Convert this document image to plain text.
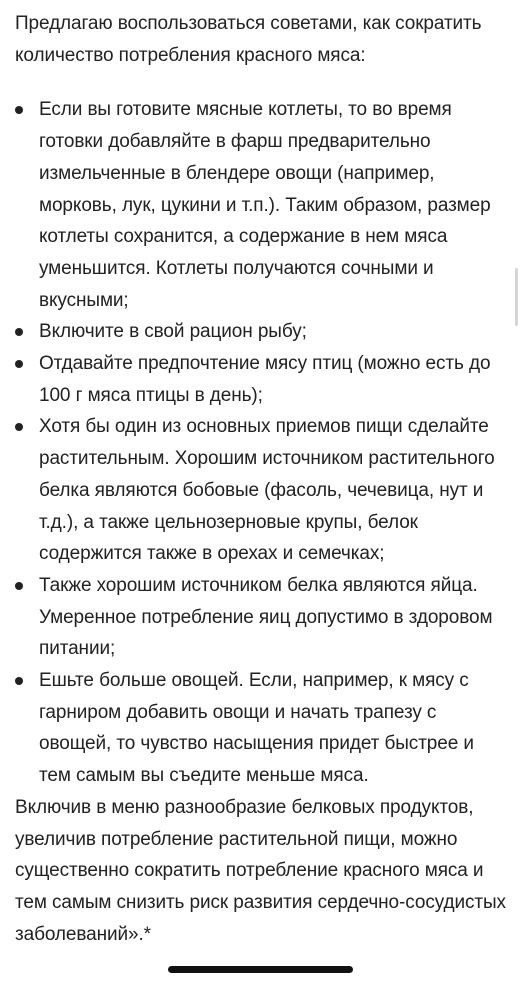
Предлагаю воспользоваться советами, как сократить количество потребления красного мяса:

Если вы готовите мясные котлеты, то во время готовки добавляйте в фарш предварительно измельченные в блендере овощи (например, морковь, лук, цукини и т.п.). Таким образом, размер котлеты сохранится, а содержание в нем мяса уменьшится. Котлеты получаются сочными и вкусными;
Включите в свой рацион рыбу;
Отдавайте предпочтение мясу птиц (можно есть до 100 г мяса птицы в день);
Хотя бы один из основных приемов пищи сделайте растительным. Хорошим источником растительного белка являются бобовые (фасоль, чечевица, нут и т.д.), а также цельнозерновые крупы, белок содержится также в орехах и семечках;
Также хорошим источником белка являются яйца. Умеренное потребление яиц допустимо в здоровом питании;
Ешьте больше овощей. Если, например, к мясу с гарниром добавить овощи и начать трапезу с овощей, то чувство насыщения придет быстрее и тем самым вы съедите меньше мяса.

Включив в меню разнообразие белковых продуктов, увеличив потребление растительной пищи, можно существенно сократить потребление красного мяса и тем самым снизить риск развития сердечно-сосудистых заболеваний».*
